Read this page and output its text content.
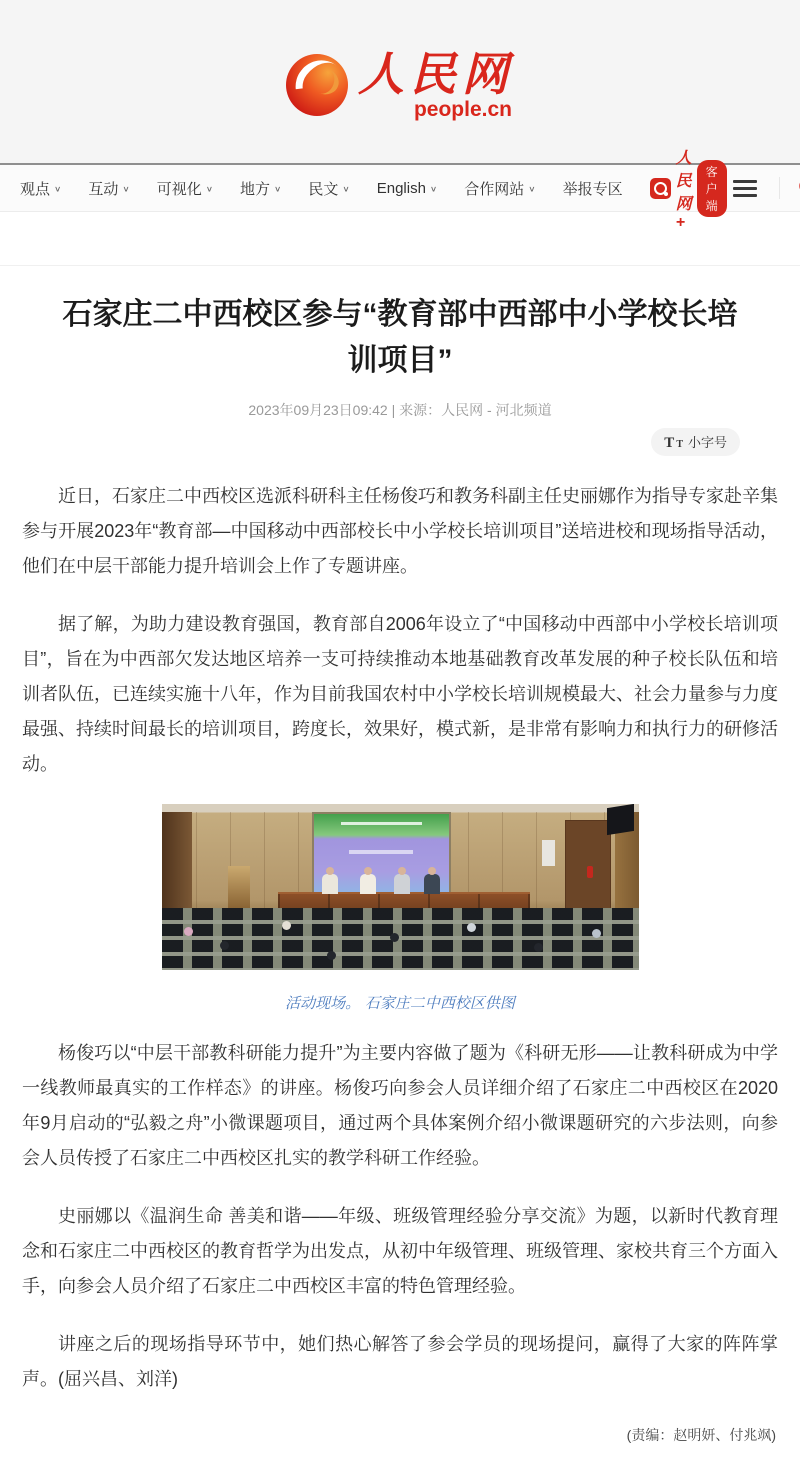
人民网
people.cn
观点 ∨ 互动 ∨ 可视化 ∨ 地方 ∨ 民文 ∨ English ∨ 合作网站 ∨ 举报专区
人民网+
客户端
石家庄二中西校区参与“教育部中西部中小学校长培训项目”
2023年09月23日09:42 | 来源：人民网 - 河北频道
T T 小字号

近日，石家庄二中西校区选派科研科主任杨俊巧和教务科副主任史丽娜作为指导专家赴辛集参与开展2023年“教育部—中国移动中西部校长中小学校长培训项目”送培进校和现场指导活动，他们在中层干部能力提升培训会上作了专题讲座。

据了解，为助力建设教育强国，教育部自2006年设立了“中国移动中西部中小学校长培训项目”，旨在为中西部欠发达地区培养一支可持续推动本地基础教育改革发展的种子校长队伍和培训者队伍，已连续实施十八年，作为目前我国农村中小学校长培训规模最大、社会力量参与力度最强、持续时间最长的培训项目，跨度长，效果好，模式新，是非常有影响力和执行力的研修活动。

活动现场。 石家庄二中西校区供图

杨俊巧以“中层干部教科研能力提升”为主要内容做了题为《科研无形——让教科研成为中学一线教师最真实的工作样态》的讲座。杨俊巧向参会人员详细介绍了石家庄二中西校区在2020年9月启动的“弘毅之舟”小微课题项目，通过两个具体案例介绍小微课题研究的六步法则，向参会人员传授了石家庄二中西校区扎实的教学科研工作经验。

史丽娜以《温润生命 善美和谐——年级、班级管理经验分享交流》为题，以新时代教育理念和石家庄二中西校区的教育哲学为出发点，从初中年级管理、班级管理、家校共育三个方面入手，向参会人员介绍了石家庄二中西校区丰富的特色管理经验。

讲座之后的现场指导环节中，她们热心解答了参会学员的现场提问，赢得了大家的阵阵掌声。(屈兴昌、刘洋)

(责编：赵明妍、付兆飒)
